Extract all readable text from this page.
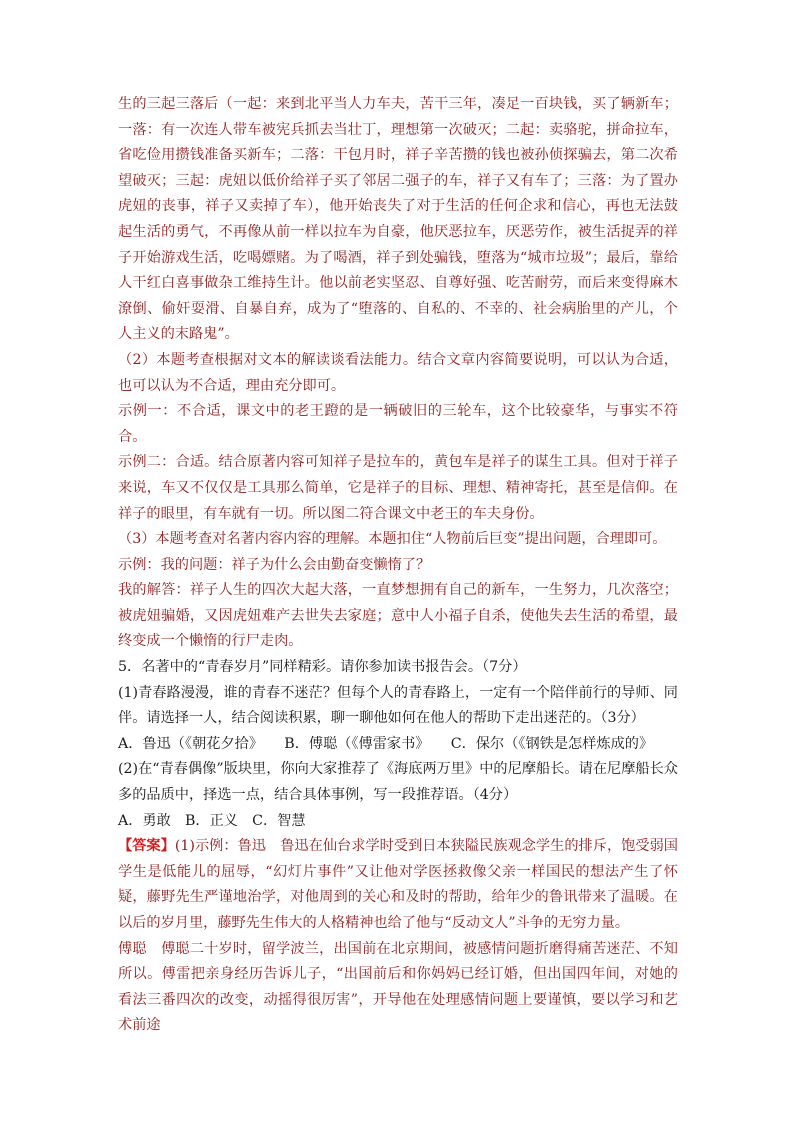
生的三起三落后（一起：来到北平当人力车夫，苦干三年，凑足一百块钱，买了辆新车；一落：有一次连人带车被宪兵抓去当壮丁，理想第一次破灭；二起：卖骆驼，拼命拉车，省吃俭用攒钱准备买新车；二落：干包月时，祥子辛苦攒的钱也被孙侦探骗去，第二次希望破灭；三起：虎妞以低价给祥子买了邻居二强子的车，祥子又有车了；三落：为了置办虎妞的丧事，祥子又卖掉了车），他开始丧失了对于生活的任何企求和信心，再也无法鼓起生活的勇气，不再像从前一样以拉车为自豪，他厌恶拉车，厌恶劳作，被生活捉弄的祥子开始游戏生活，吃喝嫖赌。为了喝酒，祥子到处骗钱，堕落为“城市垃圾”；最后，靠给人干红白喜事做杂工维持生计。他以前老实坚忍、自尊好强、吃苦耐劳，而后来变得麻木潦倒、偷奸耍滑、自暴自弃，成为了“堕落的、自私的、不幸的、社会病胎里的产儿，个人主义的末路鬼”。

（2）本题考查根据对文本的解读谈看法能力。结合文章内容简要说明，可以认为合适，也可以认为不合适，理由充分即可。

示例一：不合适，课文中的老王蹬的是一辆破旧的三轮车，这个比较豪华，与事实不符合。

示例二：合适。结合原著内容可知祥子是拉车的，黄包车是祥子的谋生工具。但对于祥子来说，车又不仅仅是工具那么简单，它是祥子的目标、理想、精神寄托，甚至是信仰。在祥子的眼里，有车就有一切。所以图二符合课文中老王的车夫身份。

（3）本题考查对名著内容内容的理解。本题扣住“人物前后巨变”提出问题，合理即可。

示例：我的问题：祥子为什么会由勤奋变懒惰了？

我的解答：祥子人生的四次大起大落，一直梦想拥有自己的新车，一生努力，几次落空；被虎妞骗婚，又因虎妞难产去世失去家庭；意中人小福子自杀，使他失去生活的希望，最终变成一个懒惰的行尸走肉。

5．名著中的“青春岁月”同样精彩。请你参加读书报告会。（7分）

(1)青春路漫漫，谁的青春不迷茫？但每个人的青春路上，一定有一个陪伴前行的导师、同伴。请选择一人，结合阅读积累，聊一聊他如何在他人的帮助下走出迷茫的。（3分）

A．鲁迅（《朝花夕拾》　　B．傅聪（《傅雷家书》　　C．保尔（《钢铁是怎样炼成的》

(2)在“青春偶像”版块里，你向大家推荐了《海底两万里》中的尼摩船长。请在尼摩船长众多的品质中，择选一点，结合具体事例，写一段推荐语。（4分）

A．勇敢　B．正义　C．智慧

【答案】(1)示例：鲁迅　鲁迅在仙台求学时受到日本狭隘民族观念学生的排斥，饱受弱国学生是低能儿的屈辱，“幻灯片事件”又让他对学医拯救像父亲一样国民的想法产生了怀疑，藤野先生严谨地治学，对他周到的关心和及时的帮助，给年少的鲁讯带来了温暖。在以后的岁月里，藤野先生伟大的人格精神也给了他与“反动文人”斗争的无穷力量。

傅聪　傅聪二十岁时，留学波兰，出国前在北京期间，被感情问题折磨得痛苦迷茫、不知所以。傅雷把亲身经历告诉儿子，“出国前后和你妈妈已经订婚，但出国四年间，对她的看法三番四次的改变，动摇得很厉害”，开导他在处理感情问题上要谨慎，要以学习和艺术前途
